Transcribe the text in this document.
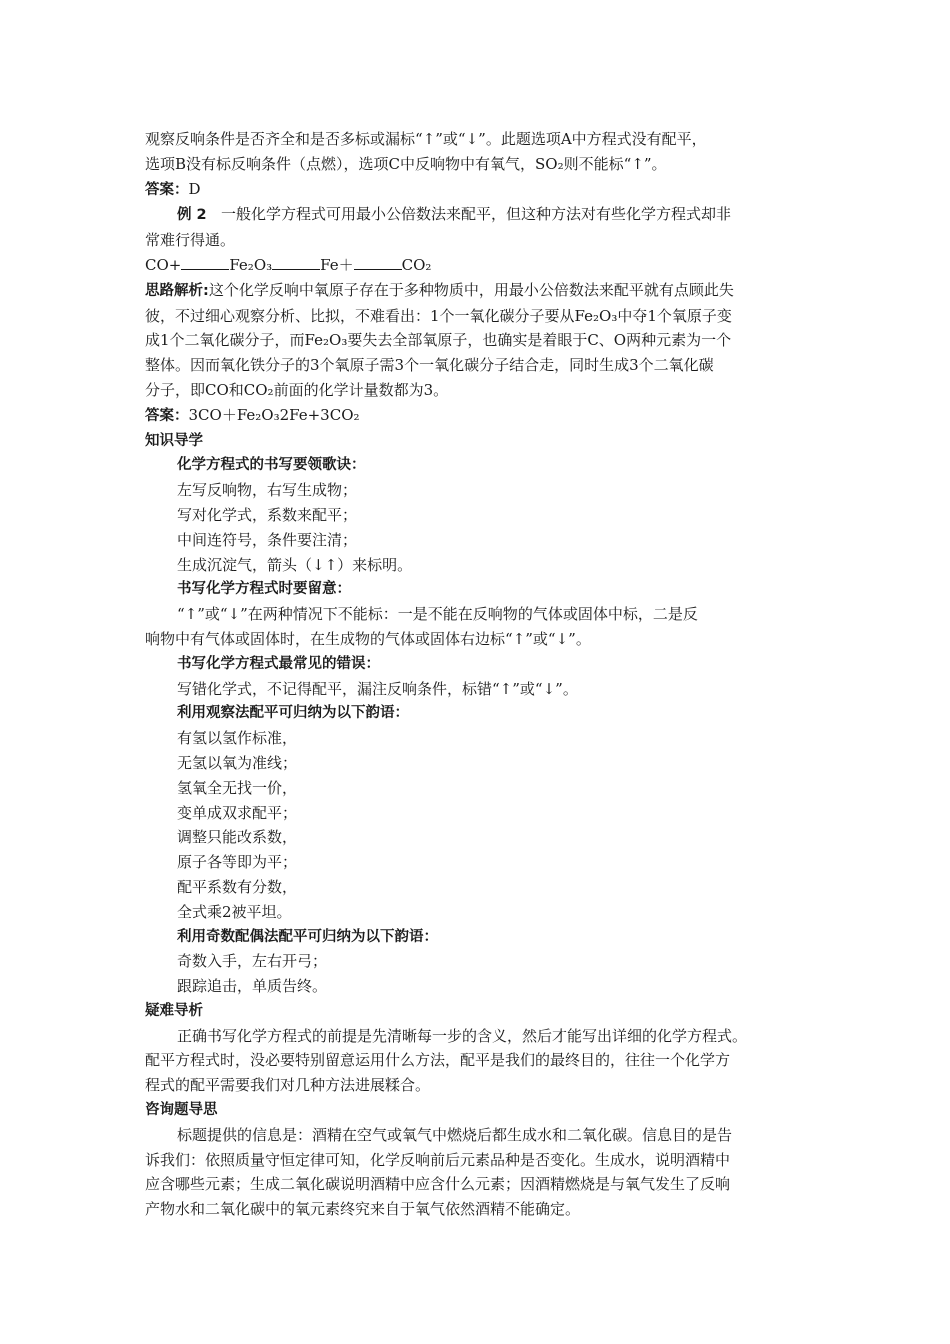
观察反响条件是否齐全和是否多标或漏标“↑”或“↓”。此题选项A中方程式没有配平，
选项B没有标反响条件（点燃），选项C中反响物中有氧气，SO₂则不能标“↑”。
答案：D
例 2 一般化学方程式可用最小公倍数法来配平，但这种方法对有些化学方程式却非
常难行得通。
CO+	Fe₂O₃	Fe＋	CO₂
思路解析:这个化学反响中氧原子存在于多种物质中，用最小公倍数法来配平就有点顾此失
彼，不过细心观察分析、比拟，不难看出：1个一氧化碳分子要从Fe₂O₃中夺1个氧原子变
成1个二氧化碳分子，而Fe₂O₃要失去全部氧原子，也确实是着眼于C、O两种元素为一个
整体。因而氧化铁分子的3个氧原子需3个一氧化碳分子结合走，同时生成3个二氧化碳
分子，即CO和CO₂前面的化学计量数都为3。
答案：3CO＋Fe₂O₃2Fe+3CO₂
知识导学
化学方程式的书写要领歌诀：
左写反响物，右写生成物；
写对化学式，系数来配平；
中间连符号，条件要注清；
生成沉淀气，箭头（↓↑）来标明。
书写化学方程式时要留意：
“↑”或“↓”在两种情况下不能标：一是不能在反响物的气体或固体中标，二是反
响物中有气体或固体时，在生成物的气体或固体右边标“↑”或“↓”。
书写化学方程式最常见的错误：
写错化学式，不记得配平，漏注反响条件，标错“↑”或“↓”。
利用观察法配平可归纳为以下韵语：
有氢以氢作标准，
无氢以氧为准线；
氢氧全无找一价，
变单成双求配平；
调整只能改系数，
原子各等即为平；
配平系数有分数，
全式乘2被平坦。
利用奇数配偶法配平可归纳为以下韵语：
奇数入手，左右开弓；
跟踪追击，单质告终。
疑难导析
正确书写化学方程式的前提是先清晰每一步的含义，然后才能写出详细的化学方程式。
配平方程式时，没必要特别留意运用什么方法，配平是我们的最终目的，往往一个化学方
程式的配平需要我们对几种方法进展糅合。
咨询题导思
标题提供的信息是：酒精在空气或氧气中燃烧后都生成水和二氧化碳。信息目的是告
诉我们：依照质量守恒定律可知，化学反响前后元素品种是否变化。生成水，说明酒精中
应含哪些元素；生成二氧化碳说明酒精中应含什么元素；因酒精燃烧是与氧气发生了反响
产物水和二氧化碳中的氧元素终究来自于氧气依然酒精不能确定。
